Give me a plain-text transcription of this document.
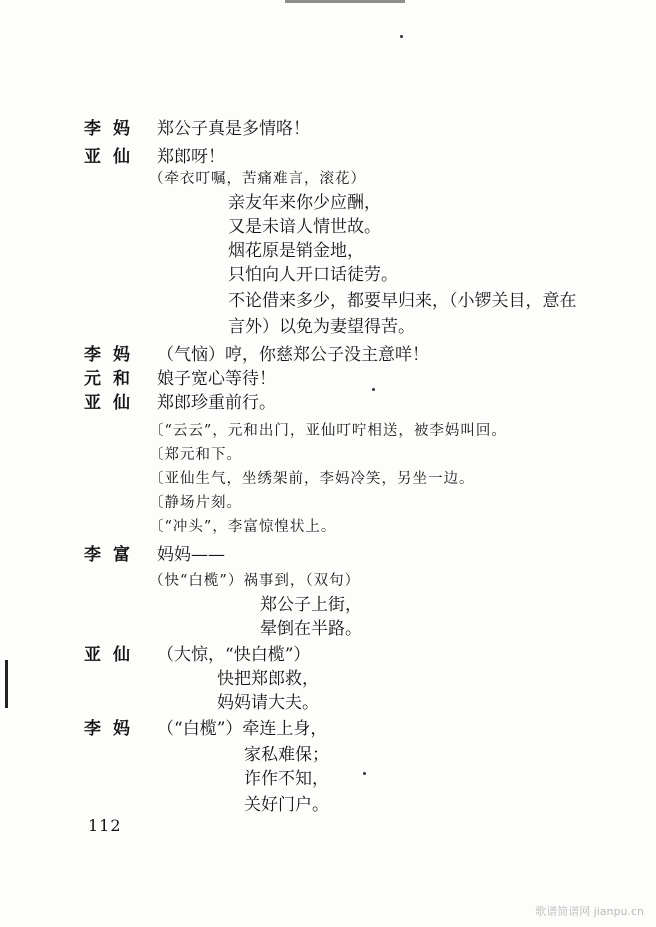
李妈 郑公子真是多情咯！
亚仙 郑郎呀！
（牵衣叮嘱，苦痛难言，滚花）
亲友年来你少应酬，
又是未谙人情世故。
烟花原是销金地，
只怕向人开口话徒劳。
不论借来多少，都要早归来，（小锣关目，意在
言外）以免为妻望得苦。
李妈 （气恼）哼，你慈郑公子没主意咩！
元和 娘子宽心等待！
亚仙 郑郎珍重前行。
〔“云云”，元和出门，亚仙叮咛相送，被李妈叫回。
〔郑元和下。
〔亚仙生气，坐绣架前，李妈冷笑，另坐一边。
〔静场片刻。
〔“冲头”，李富惊惶状上。
李富 妈妈——
（快“白榄”）祸事到，（双句）
郑公子上街，
晕倒在半路。
亚仙 （大惊，“快白榄”）
快把郑郎救，
妈妈请大夫。
李妈 （“白榄”）牵连上身，
家私难保；
诈作不知，
关好门户。
112
歌谱简谱网 jianpu.cn
